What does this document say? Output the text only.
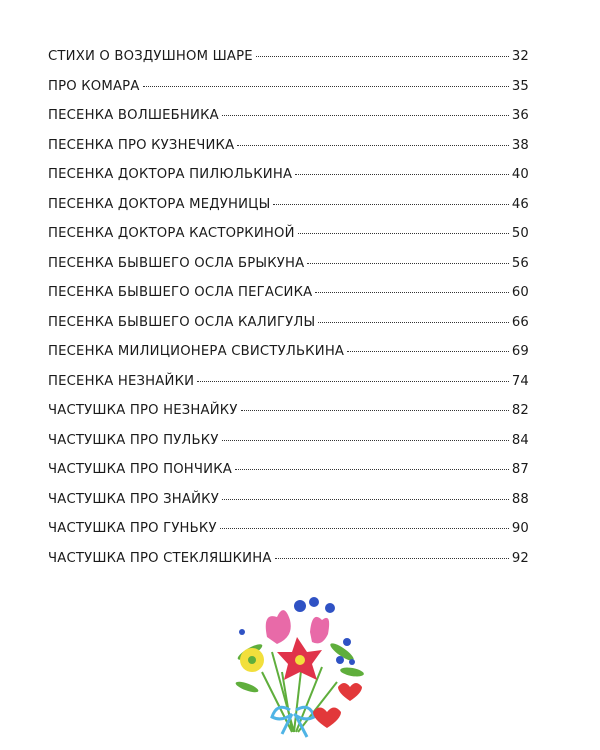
СТИХИ О ВОЗДУШНОМ ШАРЕ	32
ПРО КОМАРА	35
ПЕСЕНКА ВОЛШЕБНИКА	36
ПЕСЕНКА ПРО КУЗНЕЧИКА	38
ПЕСЕНКА ДОКТОРА ПИЛЮЛЬКИНА	40
ПЕСЕНКА ДОКТОРА МЕДУНИЦЫ	46
ПЕСЕНКА ДОКТОРА КАСТОРКИНОЙ	50
ПЕСЕНКА БЫВШЕГО ОСЛА БРЫКУНА	56
ПЕСЕНКА БЫВШЕГО ОСЛА ПЕГАСИКА	60
ПЕСЕНКА БЫВШЕГО ОСЛА КАЛИГУЛЫ	66
ПЕСЕНКА МИЛИЦИОНЕРА СВИСТУЛЬКИНА	69
ПЕСЕНКА НЕЗНАЙКИ	74
ЧАСТУШКА ПРО НЕЗНАЙКУ	82
ЧАСТУШКА ПРО ПУЛЬКУ	84
ЧАСТУШКА ПРО ПОНЧИКА	87
ЧАСТУШКА ПРО ЗНАЙКУ	88
ЧАСТУШКА ПРО ГУНЬКУ	90
ЧАСТУШКА ПРО СТЕКЛЯШКИНА	92
